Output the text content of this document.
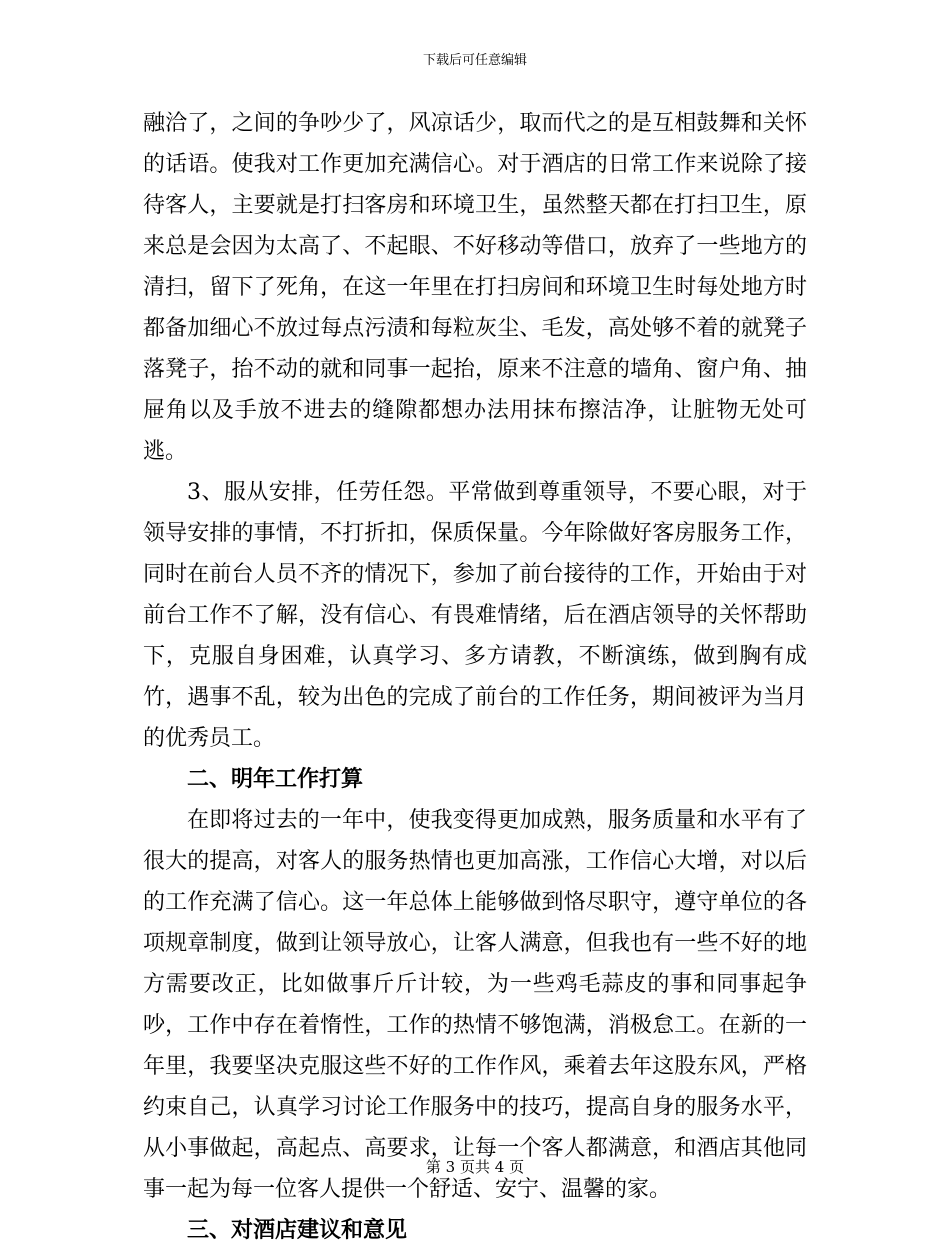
下载后可任意编辑

融洽了，之间的争吵少了，风凉话少，取而代之的是互相鼓舞和关怀的话语。使我对工作更加充满信心。对于酒店的日常工作来说除了接待客人，主要就是打扫客房和环境卫生，虽然整天都在打扫卫生，原来总是会因为太高了、不起眼、不好移动等借口，放弃了一些地方的清扫，留下了死角，在这一年里在打扫房间和环境卫生时每处地方时都备加细心不放过每点污渍和每粒灰尘、毛发，高处够不着的就凳子落凳子，抬不动的就和同事一起抬，原来不注意的墙角、窗户角、抽屉角以及手放不进去的缝隙都想办法用抹布擦洁净，让脏物无处可逃。

3、服从安排，任劳任怨。平常做到尊重领导，不要心眼，对于领导安排的事情，不打折扣，保质保量。今年除做好客房服务工作，同时在前台人员不齐的情况下，参加了前台接待的工作，开始由于对前台工作不了解，没有信心、有畏难情绪，后在酒店领导的关怀帮助下，克服自身困难，认真学习、多方请教，不断演练，做到胸有成竹，遇事不乱，较为出色的完成了前台的工作任务，期间被评为当月的优秀员工。

二、明年工作打算

在即将过去的一年中，使我变得更加成熟，服务质量和水平有了很大的提高，对客人的服务热情也更加高涨，工作信心大增，对以后的工作充满了信心。这一年总体上能够做到恪尽职守，遵守单位的各项规章制度，做到让领导放心，让客人满意，但我也有一些不好的地方需要改正，比如做事斤斤计较，为一些鸡毛蒜皮的事和同事起争吵，工作中存在着惰性，工作的热情不够饱满，消极怠工。在新的一年里，我要坚决克服这些不好的工作作风，乘着去年这股东风，严格约束自己，认真学习讨论工作服务中的技巧，提高自身的服务水平，从小事做起，高起点、高要求，让每一个客人都满意，和酒店其他同事一起为每一位客人提供一个舒适、安宁、温馨的家。

三、对酒店建议和意见

第 3 页共 4 页
